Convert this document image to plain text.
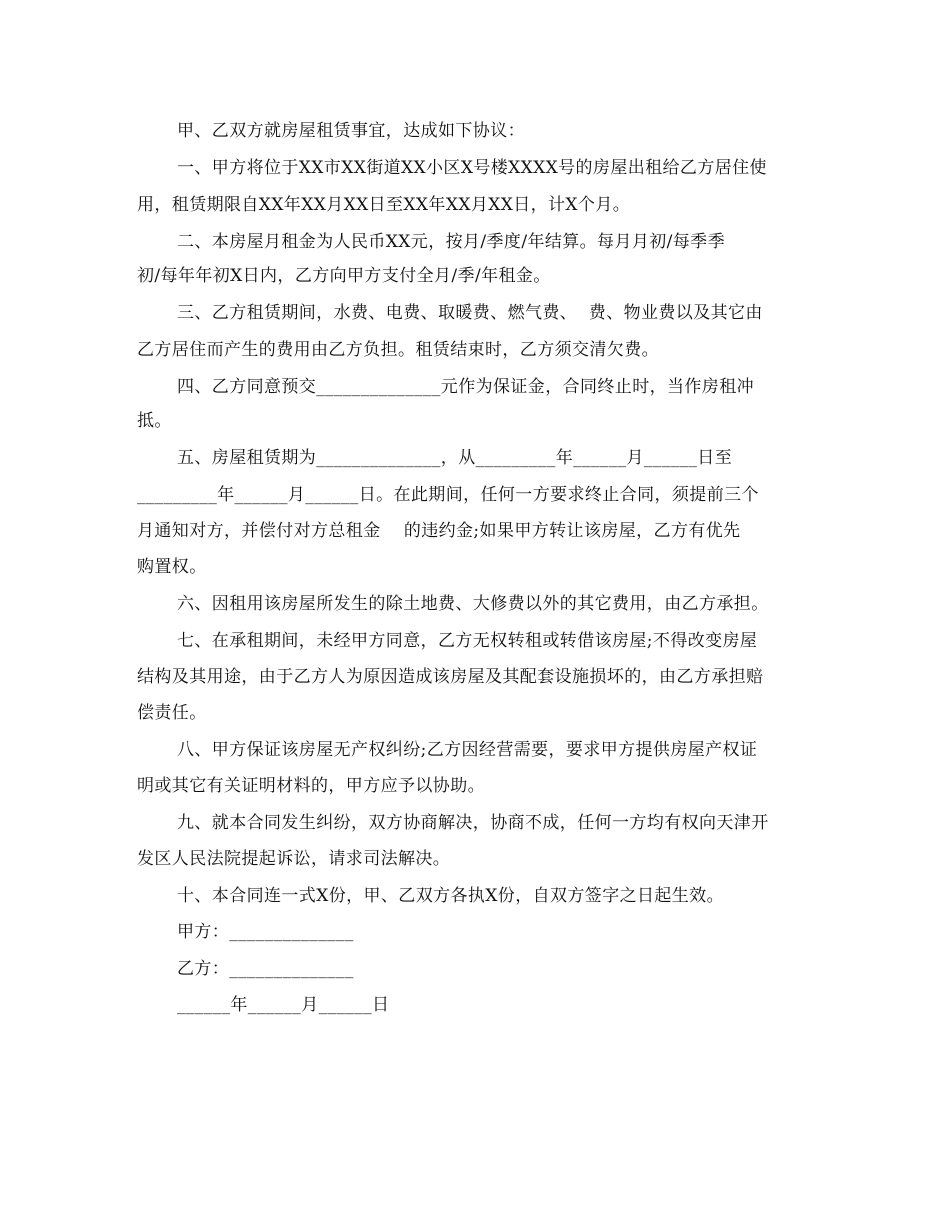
甲、乙双方就房屋租赁事宜，达成如下协议：
一、甲方将位于XX市XX街道XX小区X号楼XXXX号的房屋出租给乙方居住使
用，租赁期限自XX年XX月XX日至XX年XX月XX日，计X个月。
二、本房屋月租金为人民币XX元，按月/季度/年结算。每月月初/每季季
初/每年年初X日内，乙方向甲方支付全月/季/年租金。
三、乙方租赁期间，水费、电费、取暖费、燃气费、  费、物业费以及其它由
乙方居住而产生的费用由乙方负担。租赁结束时，乙方须交清欠费。
四、乙方同意预交______________元作为保证金，合同终止时，当作房租冲
抵。
五、房屋租赁期为______________，从_________年______月______日至
_________年______月______日。在此期间，任何一方要求终止合同，须提前三个
月通知对方，并偿付对方总租金    的违约金;如果甲方转让该房屋，乙方有优先
购置权。
六、因租用该房屋所发生的除土地费、大修费以外的其它费用，由乙方承担。
七、在承租期间，未经甲方同意，乙方无权转租或转借该房屋;不得改变房屋
结构及其用途，由于乙方人为原因造成该房屋及其配套设施损坏的，由乙方承担赔
偿责任。
八、甲方保证该房屋无产权纠纷;乙方因经营需要，要求甲方提供房屋产权证
明或其它有关证明材料的，甲方应予以协助。
九、就本合同发生纠纷，双方协商解决，协商不成，任何一方均有权向天津开
发区人民法院提起诉讼，请求司法解决。
十、本合同连一式X份，甲、乙双方各执X份，自双方签字之日起生效。
甲方：______________
乙方：______________
______年______月______日
